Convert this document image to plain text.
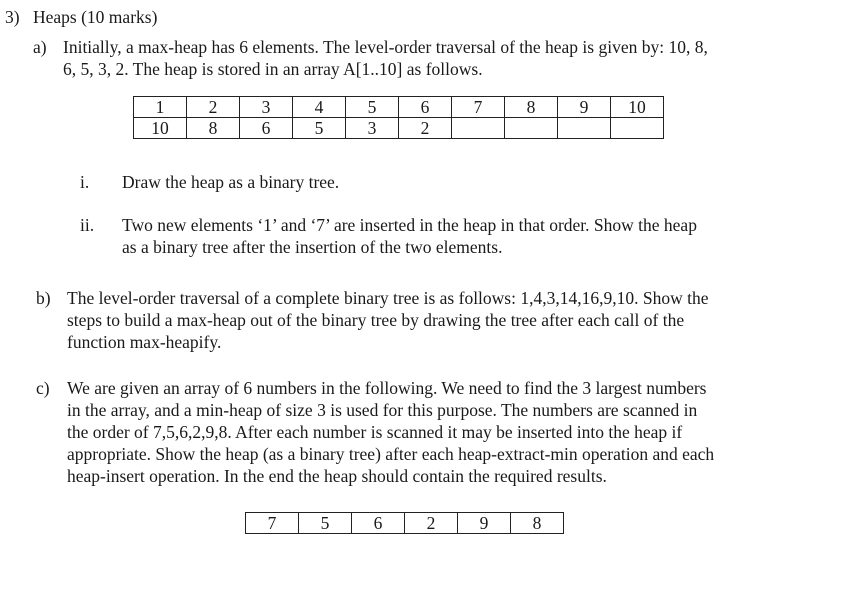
3) Heaps (10 marks)
a) Initially, a max-heap has 6 elements. The level-order traversal of the heap is given by: 10, 8,
6, 5, 3, 2. The heap is stored in an array A[1..10] as follows.
1	2	3	4	5	6	7	8	9	10
10	8	6	5	3	2				
i. Draw the heap as a binary tree.
ii. Two new elements ‘1’ and ‘7’ are inserted in the heap in that order. Show the heap
as a binary tree after the insertion of the two elements.
b) The level-order traversal of a complete binary tree is as follows: 1,4,3,14,16,9,10. Show the
steps to build a max-heap out of the binary tree by drawing the tree after each call of the
function max-heapify.
c) We are given an array of 6 numbers in the following. We need to find the 3 largest numbers
in the array, and a min-heap of size 3 is used for this purpose. The numbers are scanned in
the order of 7,5,6,2,9,8. After each number is scanned it may be inserted into the heap if
appropriate. Show the heap (as a binary tree) after each heap-extract-min operation and each
heap-insert operation. In the end the heap should contain the required results.
7	5	6	2	9	8
